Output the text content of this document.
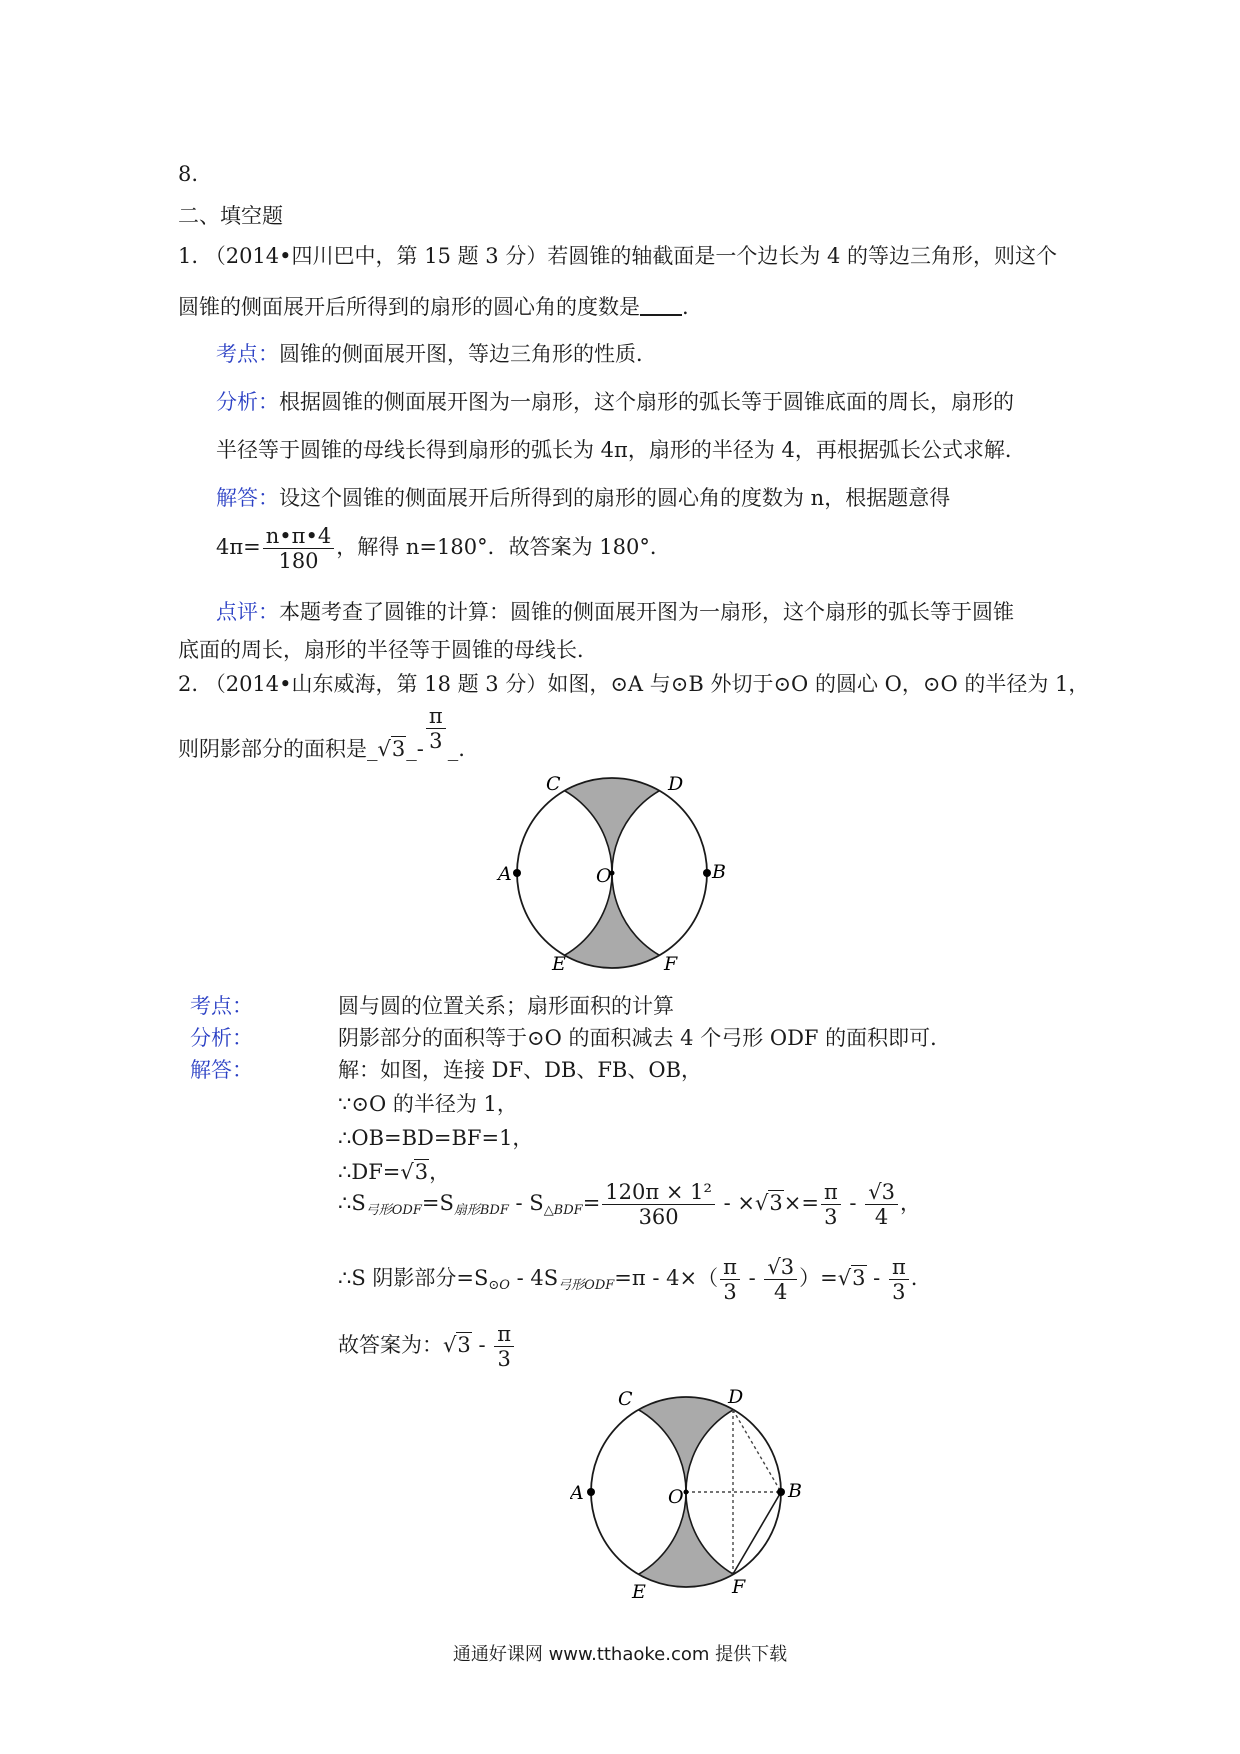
8.
二、填空题
1. （2014•四川巴中，第 15 题 3 分）若圆锥的轴截面是一个边长为 4 的等边三角形，则这个
圆锥的侧面展开后所得到的扇形的圆心角的度数是 .
考点：圆锥的侧面展开图，等边三角形的性质．
分析：根据圆锥的侧面展开图为一扇形，这个扇形的弧长等于圆锥底面的周长，扇形的
半径等于圆锥的母线长得到扇形的弧长为 4π，扇形的半径为 4，再根据弧长公式求解．
解答：设这个圆锥的侧面展开后所得到的扇形的圆心角的度数为 n，根据题意得
$4\pi= \frac{n•\pi•4}{180}$ ，解得 n=180°．故答案为 180°．
点评：本题考查了圆锥的计算：圆锥的侧面展开图为一扇形，这个扇形的弧长等于圆锥
底面的周长，扇形的半径等于圆锥的母线长．
2. （2014•山东威海，第 18 题 3 分）如图，⊙A 与⊙B 外切于⊙O 的圆心 O，⊙O 的半径为 1，
则阴影部分的面积是_√3_- $\frac{\pi}{3}$ _.
C	D
A	O	B
E	F
考点：	圆与圆的位置关系；扇形面积的计算
分析：	阴影部分的面积等于⊙O 的面积减去 4 个弓形 ODF 的面积即可．
解答：	解：如图，连接 DF、DB、FB、OB，
∵⊙O 的半径为 1，
∴OB=BD=BF=1，
∴DF=√3，
$\therefore S_{弓形ODF}=S_{扇形BDF} - S_{\triangle BDF}= \frac{\text{120π × 1²}}{360} - \times√3\times= \frac{\pi}{3} - \frac{√3}{4}$ ，
∴S 阴影部分$=S_{⊙O} - 4S_{弓形ODF}=\pi - 4\times( \frac{\pi}{3} - \frac{√3}{4} )=√3 - \frac{\pi}{3}$ .
故答案为：$√3 - \frac{\pi}{3}$
C	D
A	O	B
E	F
通通好课网 www.tthaoke.com 提供下载
